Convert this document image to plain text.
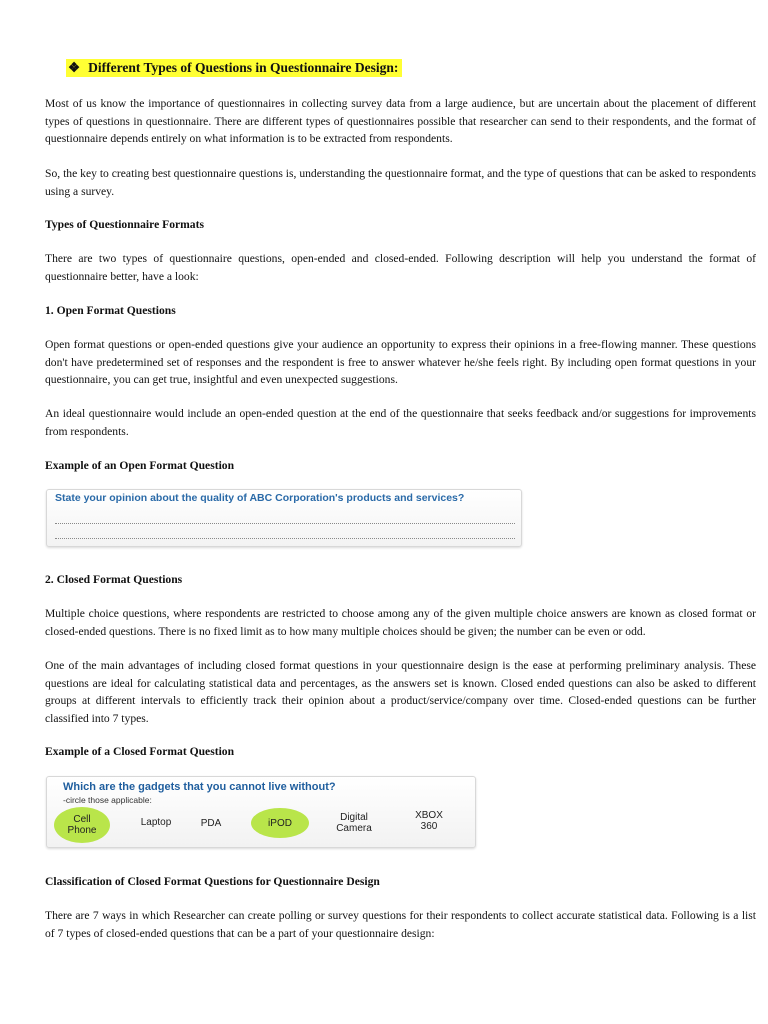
❖ Different Types of Questions in Questionnaire Design:

Most of us know the importance of questionnaires in collecting survey data from a large audience, but are uncertain about the placement of different types of questions in questionnaire. There are different types of questionnaires possible that researcher can send to their respondents, and the format of questionnaire depends entirely on what information is to be extracted from respondents.

So, the key to creating best questionnaire questions is, understanding the questionnaire format, and the type of questions that can be asked to respondents using a survey.

Types of Questionnaire Formats

There are two types of questionnaire questions, open-ended and closed-ended. Following description will help you understand the format of questionnaire better, have a look:

1. Open Format Questions

Open format questions or open-ended questions give your audience an opportunity to express their opinions in a free-flowing manner. These questions don't have predetermined set of responses and the respondent is free to answer whatever he/she feels right. By including open format questions in your questionnaire, you can get true, insightful and even unexpected suggestions.

An ideal questionnaire would include an open-ended question at the end of the questionnaire that seeks feedback and/or suggestions for improvements from respondents.

Example of an Open Format Question
State your opinion about the quality of ABC Corporation's products and services?
2. Closed Format Questions

Multiple choice questions, where respondents are restricted to choose among any of the given multiple choice answers are known as closed format or closed-ended questions. There is no fixed limit as to how many multiple choices should be given; the number can be even or odd.

One of the main advantages of including closed format questions in your questionnaire design is the ease at performing preliminary analysis. These questions are ideal for calculating statistical data and percentages, as the answers set is known. Closed ended questions can also be asked to different groups at different intervals to efficiently track their opinion about a product/service/company over time. Closed-ended questions can be further classified into 7 types.

Example of a Closed Format Question
Which are the gadgets that you cannot live without?
-circle those applicable:
Cell Phone
Laptop	PDA	iPOD	Digital Camera
XBOX 360
Classification of Closed Format Questions for Questionnaire Design

There are 7 ways in which Researcher can create polling or survey questions for their respondents to collect accurate statistical data. Following is a list of 7 types of closed-ended questions that can be a part of your questionnaire design:
